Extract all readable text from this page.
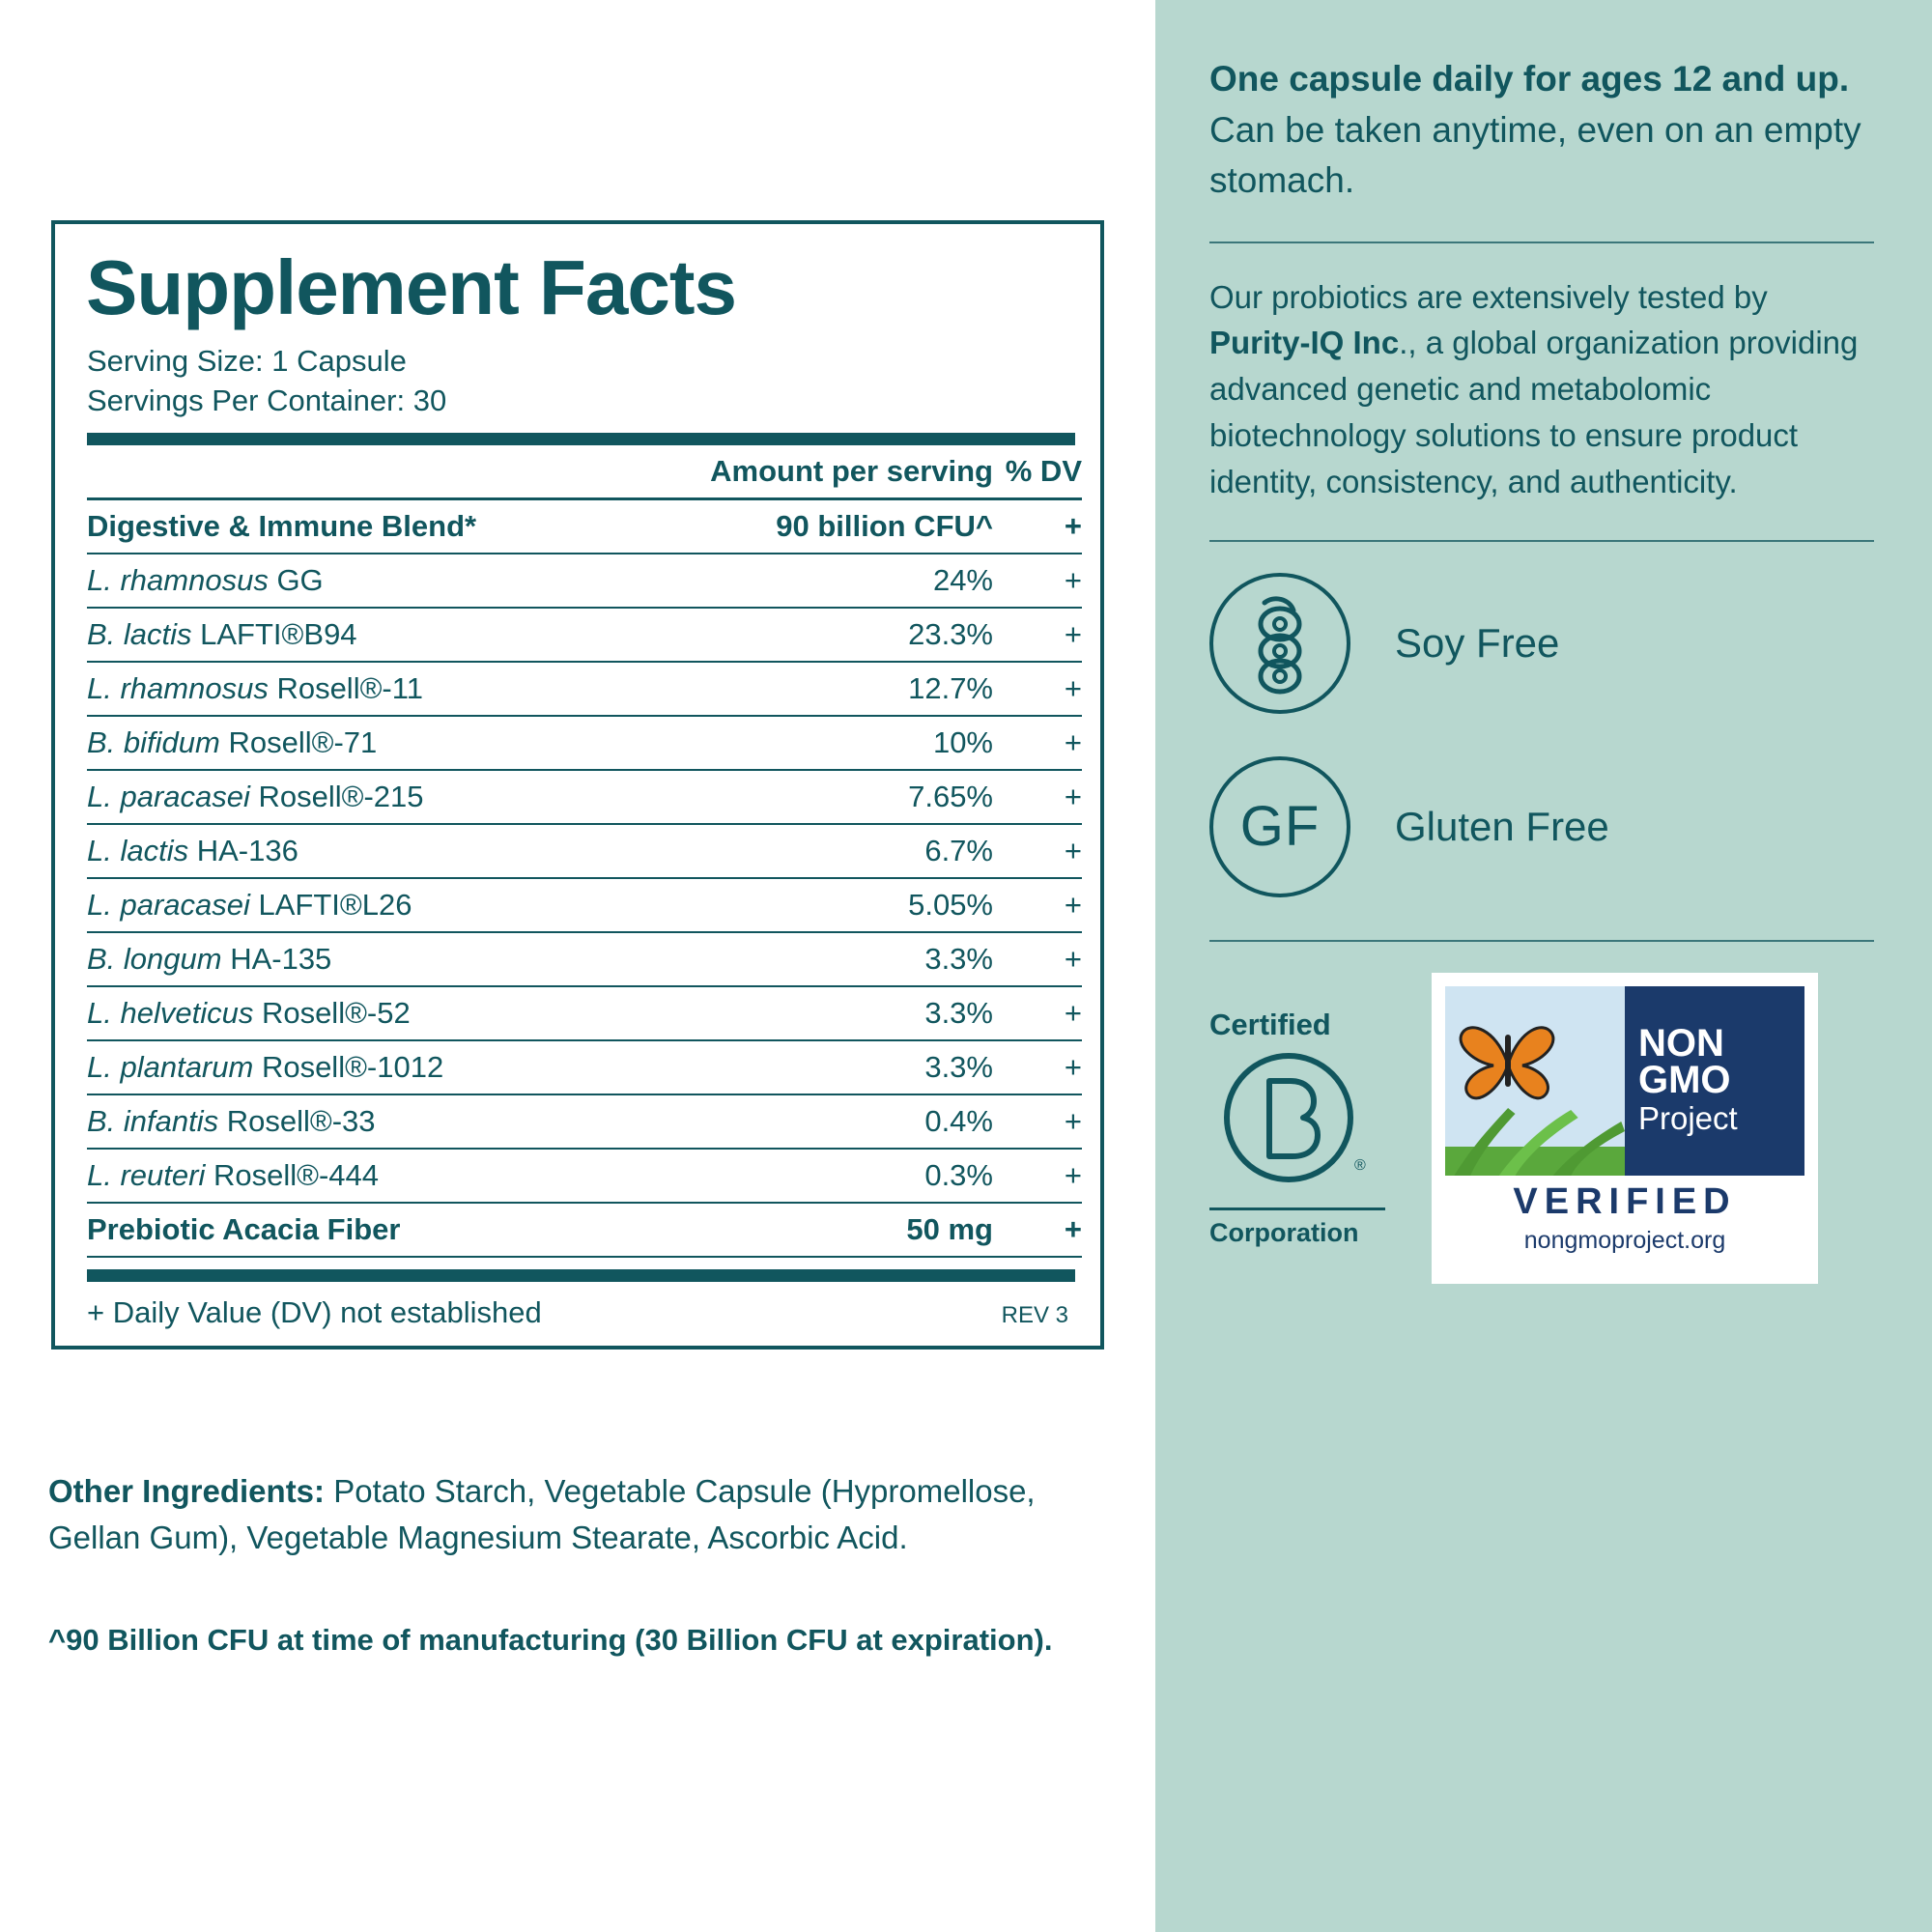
Supplement Facts
Serving Size: 1 Capsule
Servings Per Container: 30
	Amount per serving	% DV
Digestive & Immune Blend*	90 billion CFU^	+
L. rhamnosus GG	24%	+
B. lactis LAFTI®B94	23.3%	+
L. rhamnosus Rosell®-11	12.7%	+
B. bifidum Rosell®-71	10%	+
L. paracasei Rosell®-215	7.65%	+
L. lactis HA-136	6.7%	+
L. paracasei LAFTI®L26	5.05%	+
B. longum HA-135	3.3%	+
L. helveticus Rosell®-52	3.3%	+
L. plantarum Rosell®-1012	3.3%	+
B. infantis Rosell®-33	0.4%	+
L. reuteri Rosell®-444	0.3%	+
Prebiotic Acacia Fiber	50 mg	+
+ Daily Value (DV) not established	REV 3
Other Ingredients: Potato Starch, Vegetable Capsule (Hypromellose, Gellan Gum), Vegetable Magnesium Stearate, Ascorbic Acid.
^90 Billion CFU at time of manufacturing (30 Billion CFU at expiration).
One capsule daily for ages 12 and up. Can be taken anytime, even on an empty stomach.
Our probiotics are extensively tested by Purity-IQ Inc., a global organization providing advanced genetic and metabolomic biotechnology solutions to ensure product identity, consistency, and authenticity.
Soy Free
GF Gluten Free
Certified
®
Corporation
NON
GMO
Project
VERIFIED
nongmoproject.org
